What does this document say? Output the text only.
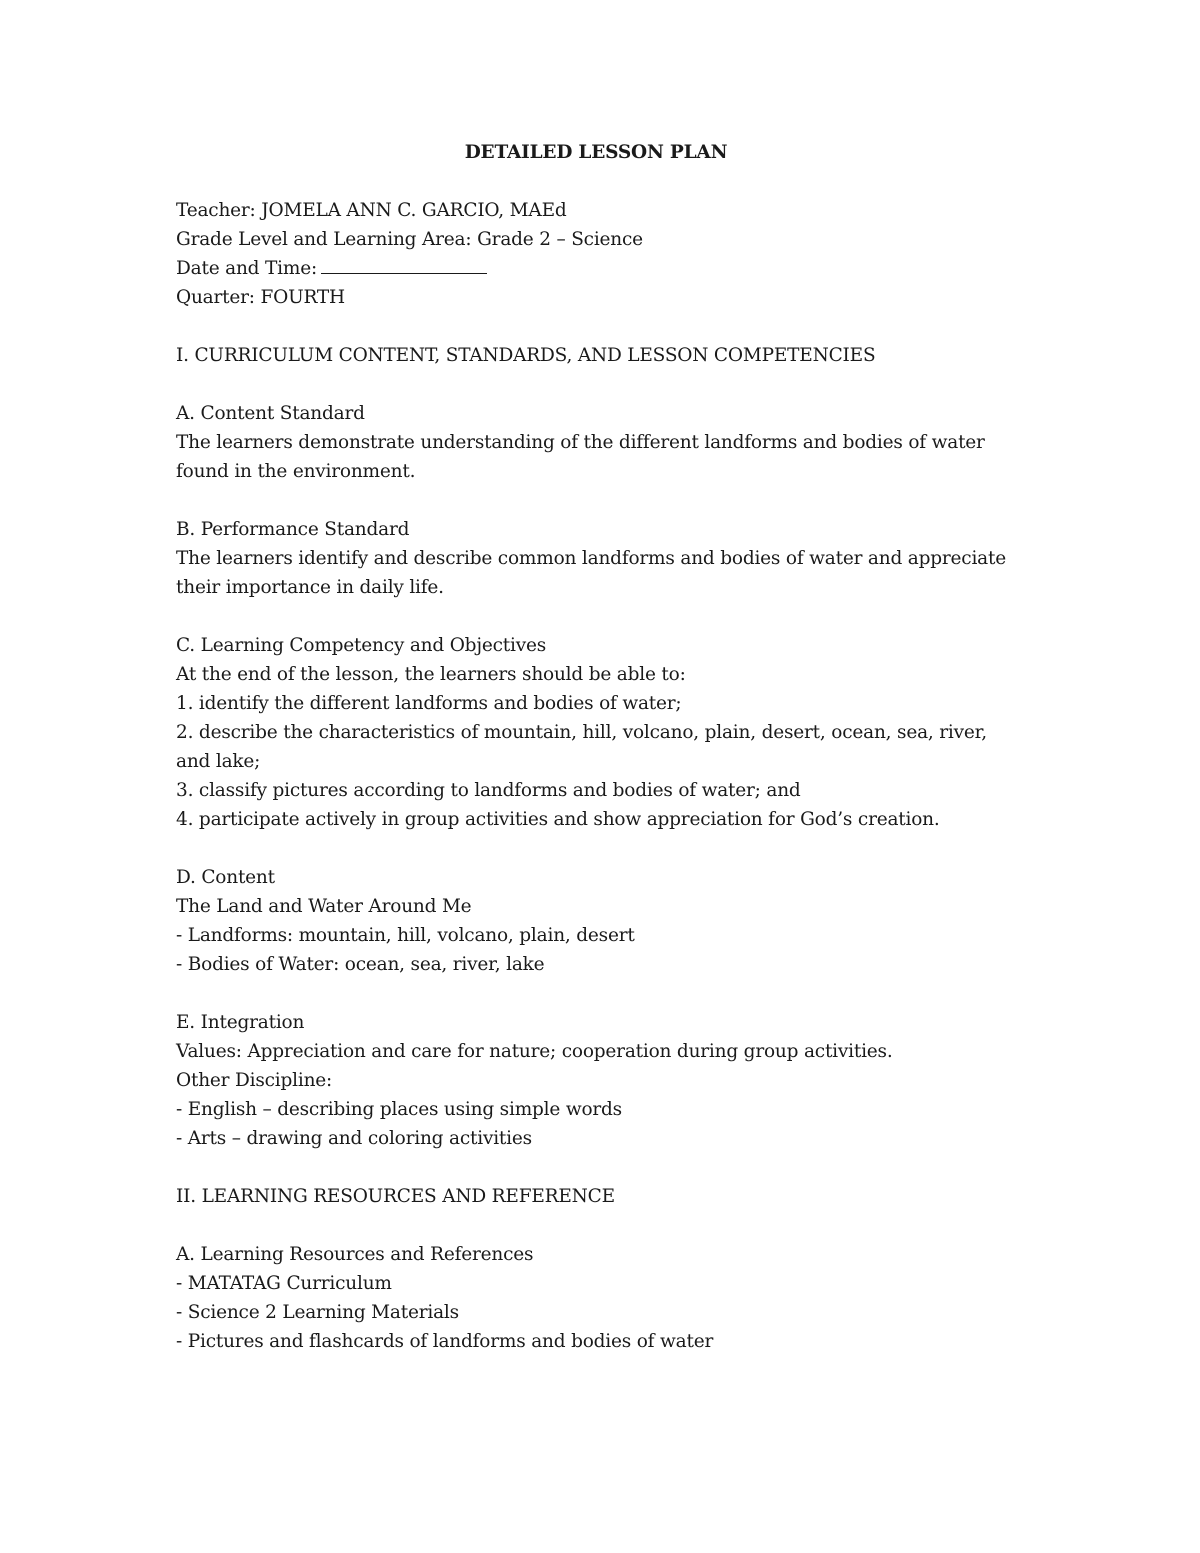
DETAILED LESSON PLAN
Teacher: JOMELA ANN C. GARCIO, MAEd
Grade Level and Learning Area: Grade 2 – Science
Date and Time:
Quarter: FOURTH
I. CURRICULUM CONTENT, STANDARDS, AND LESSON COMPETENCIES
A. Content Standard
The learners demonstrate understanding of the different landforms and bodies of water found in the environment.
B. Performance Standard
The learners identify and describe common landforms and bodies of water and appreciate their importance in daily life.
C. Learning Competency and Objectives
At the end of the lesson, the learners should be able to:
1. identify the different landforms and bodies of water;
2. describe the characteristics of mountain, hill, volcano, plain, desert, ocean, sea, river, and lake;
3. classify pictures according to landforms and bodies of water; and
4. participate actively in group activities and show appreciation for God’s creation.
D. Content
The Land and Water Around Me
- Landforms: mountain, hill, volcano, plain, desert
- Bodies of Water: ocean, sea, river, lake
E. Integration
Values: Appreciation and care for nature; cooperation during group activities.
Other Discipline:
- English – describing places using simple words
- Arts – drawing and coloring activities
II. LEARNING RESOURCES AND REFERENCE
A. Learning Resources and References
- MATATAG Curriculum
- Science 2 Learning Materials
- Pictures and flashcards of landforms and bodies of water
